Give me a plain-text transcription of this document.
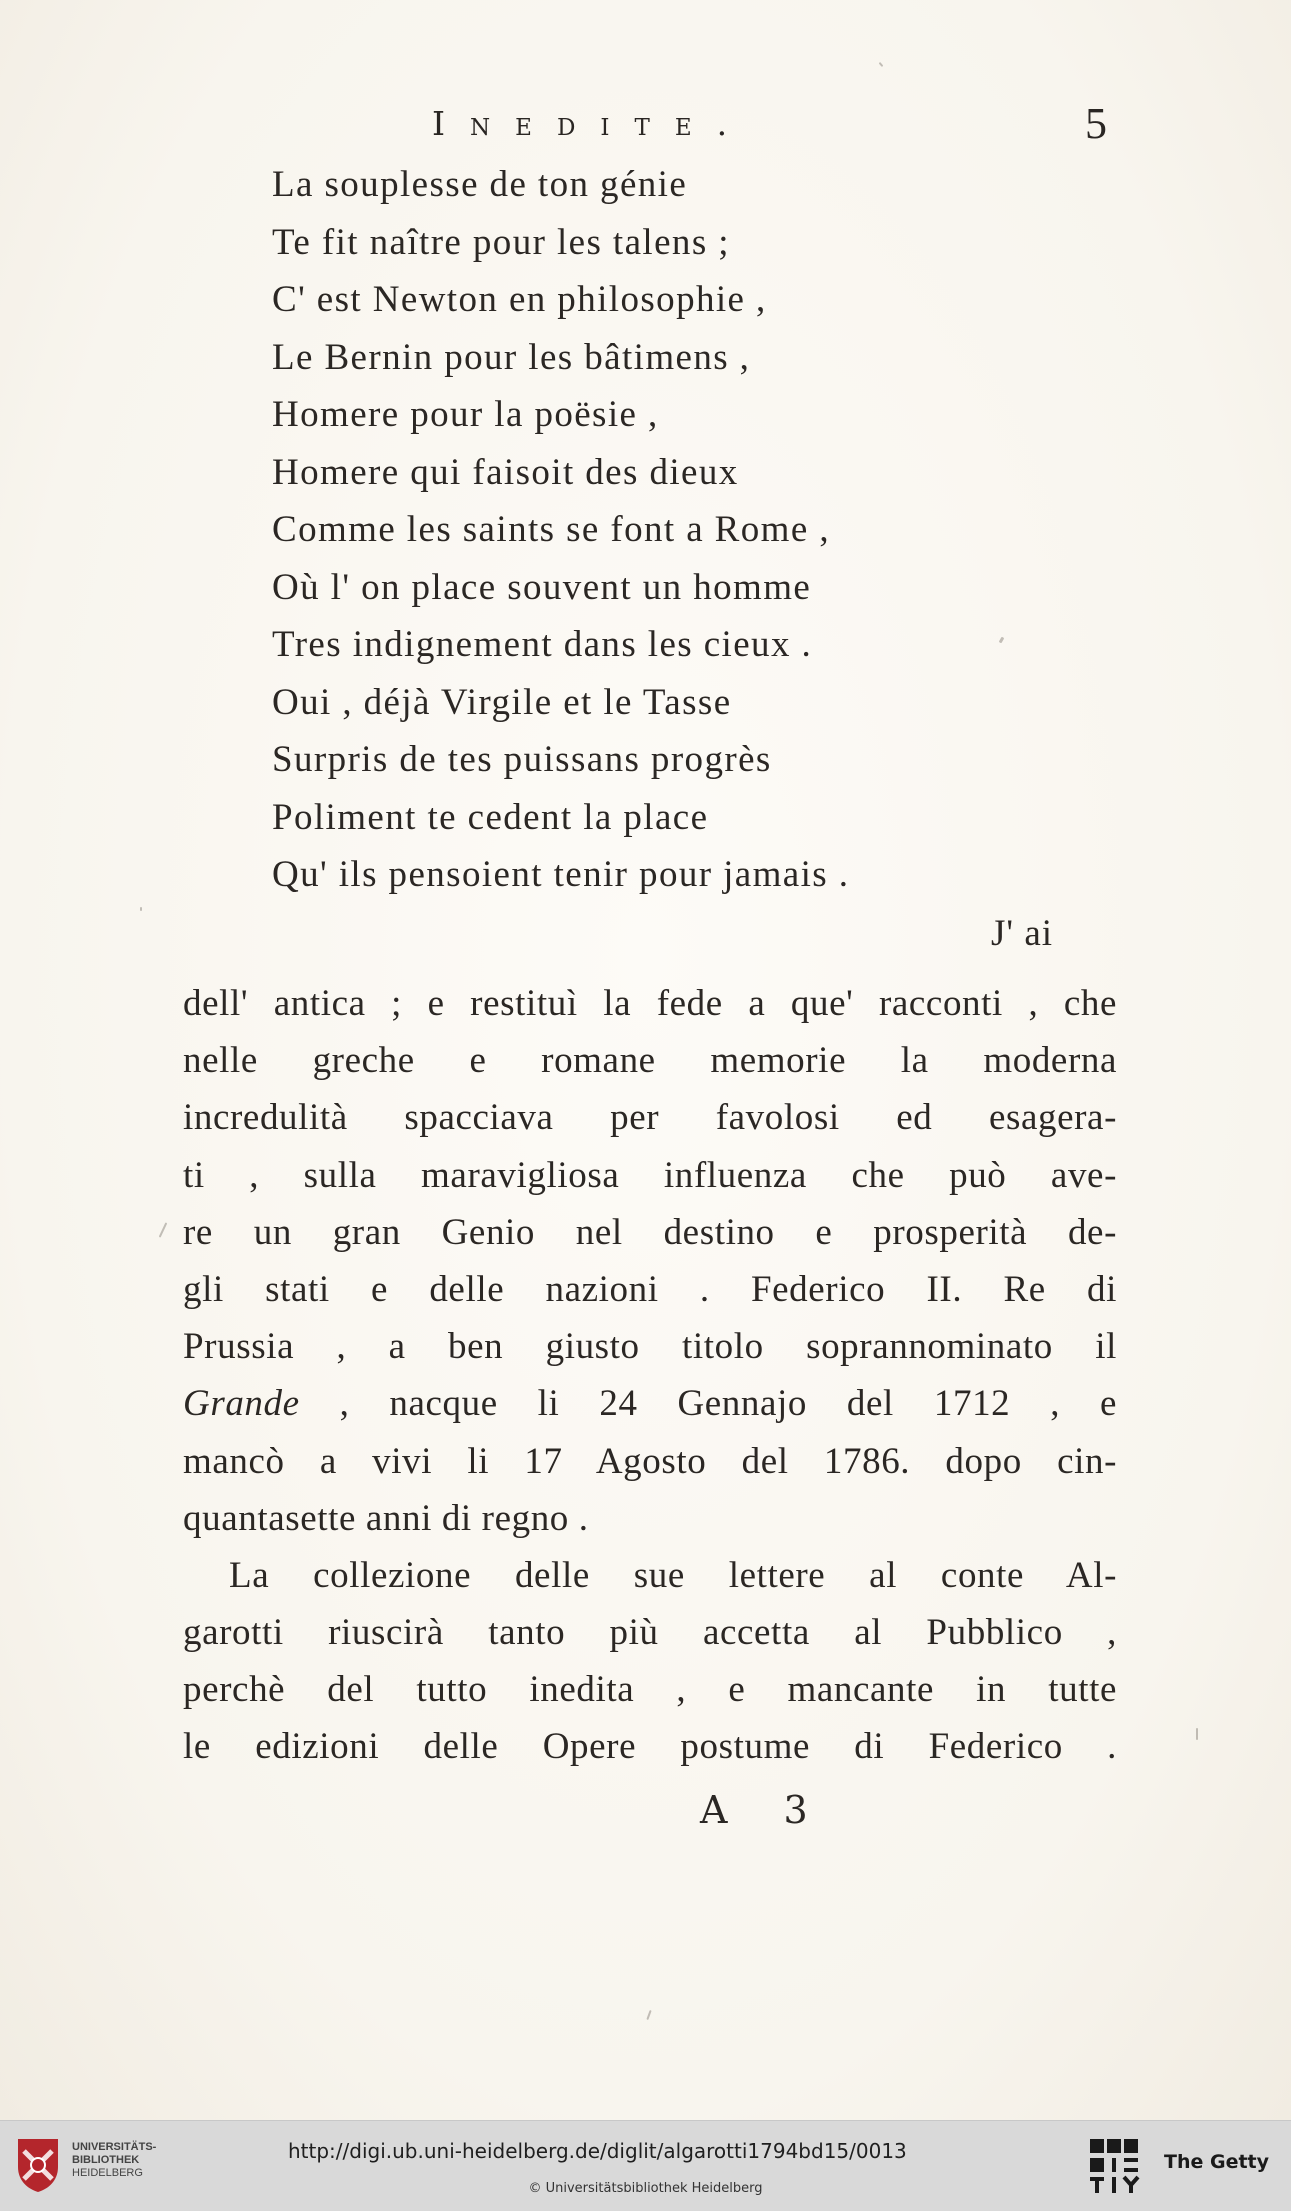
Inedite.	5
La souplesse de ton génie
Te fit naître pour les talens ;
C' est Newton en philosophie ,
Le Bernin pour les bâtimens ,
Homere pour la poësie ,
Homere qui faisoit des dieux
Comme les saints se font a Rome ,
Où l' on place souvent un homme
Tres indignement dans les cieux .
Oui , déjà Virgile et le Tasse
Surpris de tes puissans progrès
Poliment te cedent la place
Qu' ils pensoient tenir pour jamais .
J' ai
dell' antica ; e restituì la fede a que' racconti , che
nelle greche e romane memorie la moderna
incredulità spacciava per favolosi ed esagera-
ti , sulla maravigliosa influenza che può ave-
re un gran Genio nel destino e prosperità de-
gli stati e delle nazioni . Federico II. Re di
Prussia , a ben giusto titolo soprannominato il
Grande , nacque li 24 Gennajo del 1712 , e
mancò a vivi li 17 Agosto del 1786. dopo cin-
quantasette anni di regno .
La collezione delle sue lettere al conte Al-
garotti riuscirà tanto più accetta al Pubblico ,
perchè del tutto inedita , e mancante in tutte
le edizioni delle Opere postume di Federico .
A 3
UNIVERSITÄTS-
BIBLIOTHEK
HEIDELBERG
http://digi.ub.uni-heidelberg.de/diglit/algarotti1794bd15/0013
© Universitätsbibliothek Heidelberg
The Getty
